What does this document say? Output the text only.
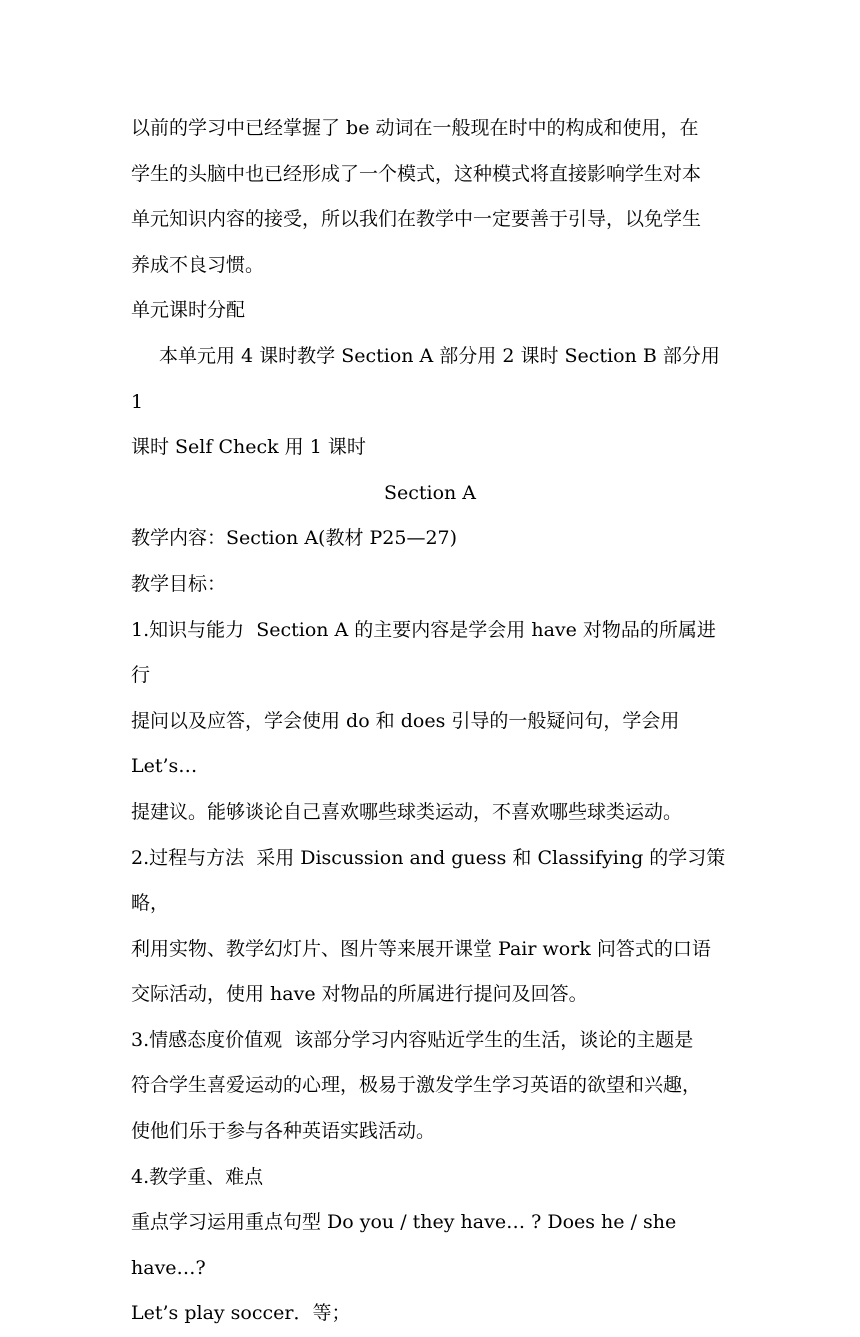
以前的学习中已经掌握了 be 动词在一般现在时中的构成和使用，在

学生的头脑中也已经形成了一个模式，这种模式将直接影响学生对本

单元知识内容的接受，所以我们在教学中一定要善于引导，以免学生

养成不良习惯。

单元课时分配

本单元用 4 课时教学 Section A 部分用 2 课时 Section B 部分用 1

课时 Self Check 用 1 课时

Section A

教学内容：Section A(教材 P25—27)

教学目标：

1.知识与能力  Section A 的主要内容是学会用 have 对物品的所属进行

提问以及应答，学会使用 do 和 does 引导的一般疑问句，学会用 Let’s…

提建议。能够谈论自己喜欢哪些球类运动，不喜欢哪些球类运动。

2.过程与方法  采用 Discussion and guess 和 Classifying 的学习策略，

利用实物、教学幻灯片、图片等来展开课堂 Pair work 问答式的口语

交际活动，使用 have 对物品的所属进行提问及回答。

3.情感态度价值观  该部分学习内容贴近学生的生活，谈论的主题是

符合学生喜爱运动的心理，极易于激发学生学习英语的欲望和兴趣，

使他们乐于参与各种英语实践活动。

4.教学重、难点

重点学习运用重点句型 Do you / they have… ? Does he / she have…?

Let’s play soccer．等；
